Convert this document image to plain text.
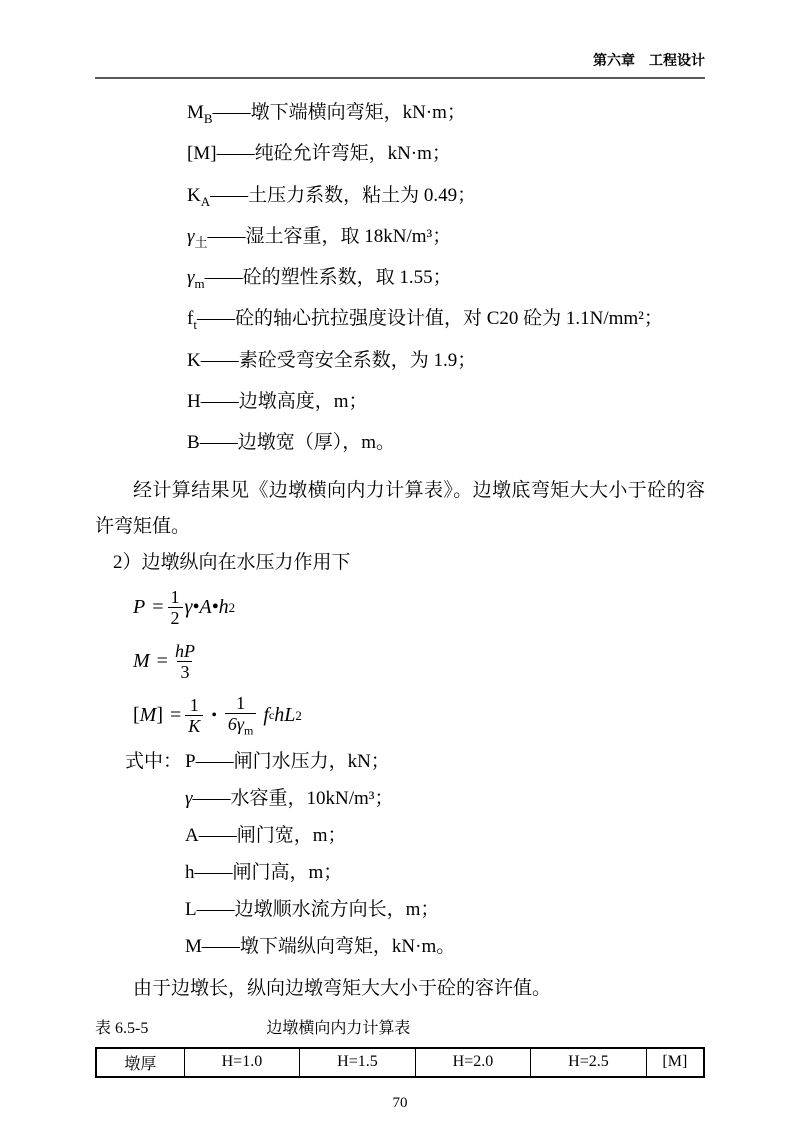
第六章 工程设计
$M_B——$墩下端横向弯矩，kN·m；
[M]——纯砼允许弯矩，kN·m；
$K_A——$土压力系数，粘土为 0.49；
$\gamma_土——$湿土容重，取 18kN/m³；
$\gamma_m——$砼的塑性系数，取 1.55；
$f_t——$砼的轴心抗拉强度设计值，对 C20 砼为 1.1N/mm²；
K——素砼受弯安全系数，为 1.9；
H——边墩高度，m；
B——边墩宽（厚），m。

经计算结果见《边墩横向内力计算表》。边墩底弯矩大大小于砼的容许弯矩值。

2）边墩纵向在水压力作用下

$P = \frac{1}{2}$ γ•A•h 2
$M = \frac{hP}{3}$
[ M ] = $\frac{1}{K}$ • $\frac{1}{6\gamma_m}$ f c hL 2
式中： P——闸门水压力，kN；
γ——水容重，10kN/m³；
A——闸门宽，m；
h——闸门高，m；
L——边墩顺水流方向长，m；
M——墩下端纵向弯矩，kN·m。

由于边墩长，纵向边墩弯矩大大小于砼的容许值。

表 6.5-5	边墩横向内力计算表
墩厚	H=1.0	H=1.5	H=2.0	H=2.5	[M]
70
